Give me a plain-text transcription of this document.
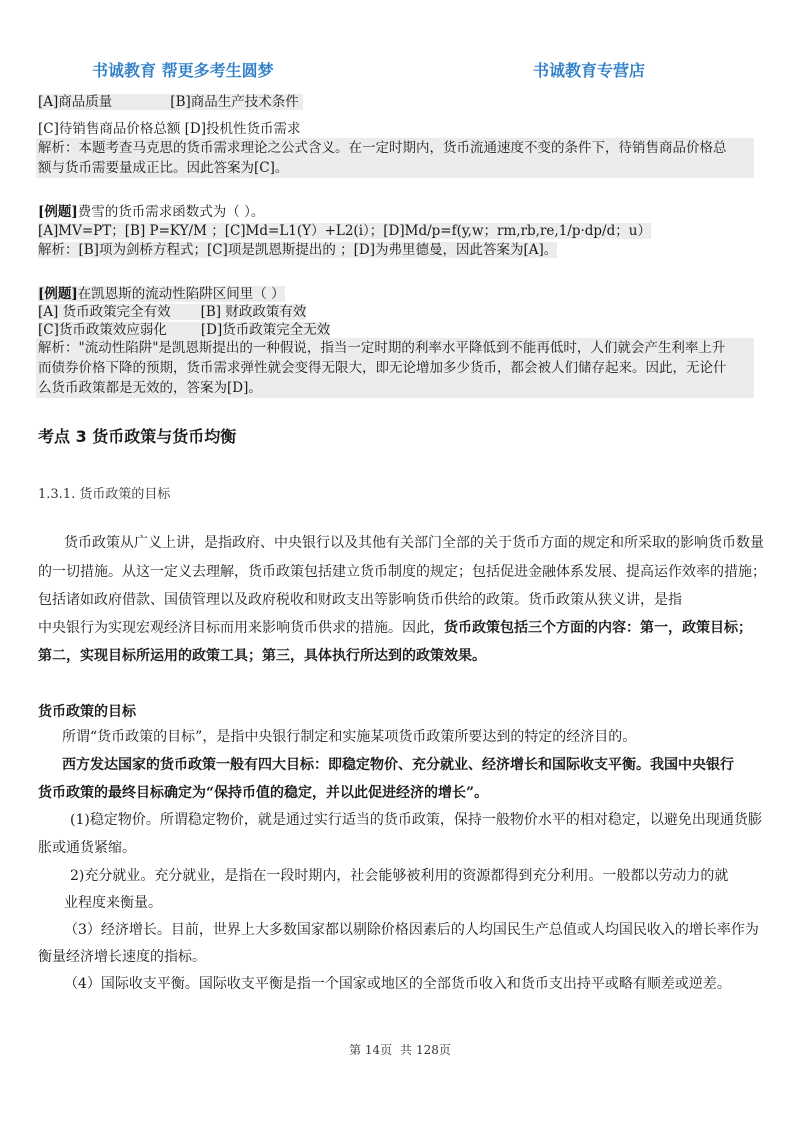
书诚教育 帮更多考生圆梦	书诚教育专营店
[A]商品质量	[B]商品生产技术条件
[C]待销售商品价格总额 [D]投机性货币需求
解析：本题考查马克思的货币需求理论之公式含义。在一定时期内，货币流通速度不变的条件下，待销售商品价格总
额与货币需要量成正比。因此答案为[C]。
[例题]费雪的货币需求函数式为（ ）。
[A]MV=PT；[B] P=KY/M ；[C]Md=L1(Y）+L2(i）；[D]Md/p=f(y,w；rm,rb,re,1/p·dp/d；u）
解析：[B]项为剑桥方程式；[C]项是凯恩斯提出的 ；[D]为弗里德曼，因此答案为[A]。
[例题]在凯恩斯的流动性陷阱区间里（ ）
[A] 货币政策完全有效 [B] 财政政策有效
[C]货币政策效应弱化	[D]货币政策完全无效
解析："流动性陷阱"是凯恩斯提出的一种假说，指当一定时期的利率水平降低到不能再低时，人们就会产生利率上升
而债券价格下降的预期，货币需求弹性就会变得无限大，即无论增加多少货币，都会被人们储存起来。因此，无论什
么货币政策都是无效的，答案为[D]。
考点 3 货币政策与货币均衡
1.3.1. 货币政策的目标
货币政策从广义上讲，是指政府、中央银行以及其他有关部门全部的关于货币方面的规定和所采取的影响货币数量
的一切措施。从这一定义去理解，货币政策包括建立货币制度的规定；包括促进金融体系发展、提高运作效率的措施；
包括诸如政府借款、国债管理以及政府税收和财政支出等影响货币供给的政策。货币政策从狭义讲，是指
中央银行为实现宏观经济目标而用来影响货币供求的措施。因此，货币政策包括三个方面的内容：第一，政策目标；
第二，实现目标所运用的政策工具；第三，具体执行所达到的政策效果。
货币政策的目标
所谓“货币政策的目标”，是指中央银行制定和实施某项货币政策所要达到的特定的经济目的。
西方发达国家的货币政策一般有四大目标：即稳定物价、充分就业、经济增长和国际收支平衡。我国中央银行
货币政策的最终目标确定为“保持币值的稳定，并以此促进经济的增长”。
(1)稳定物价。所谓稳定物价，就是通过实行适当的货币政策，保持一般物价水平的相对稳定，以避免出现通货膨
胀或通货紧缩。
2)充分就业。充分就业，是指在一段时期内，社会能够被利用的资源都得到充分利用。一般都以劳动力的就
业程度来衡量。
（3）经济增长。目前，世界上大多数国家都以剔除价格因素后的人均国民生产总值或人均国民收入的增长率作为
衡量经济增长速度的指标。
（4）国际收支平衡。国际收支平衡是指一个国家或地区的全部货币收入和货币支出持平或略有顺差或逆差。
第 14页 共 128页
